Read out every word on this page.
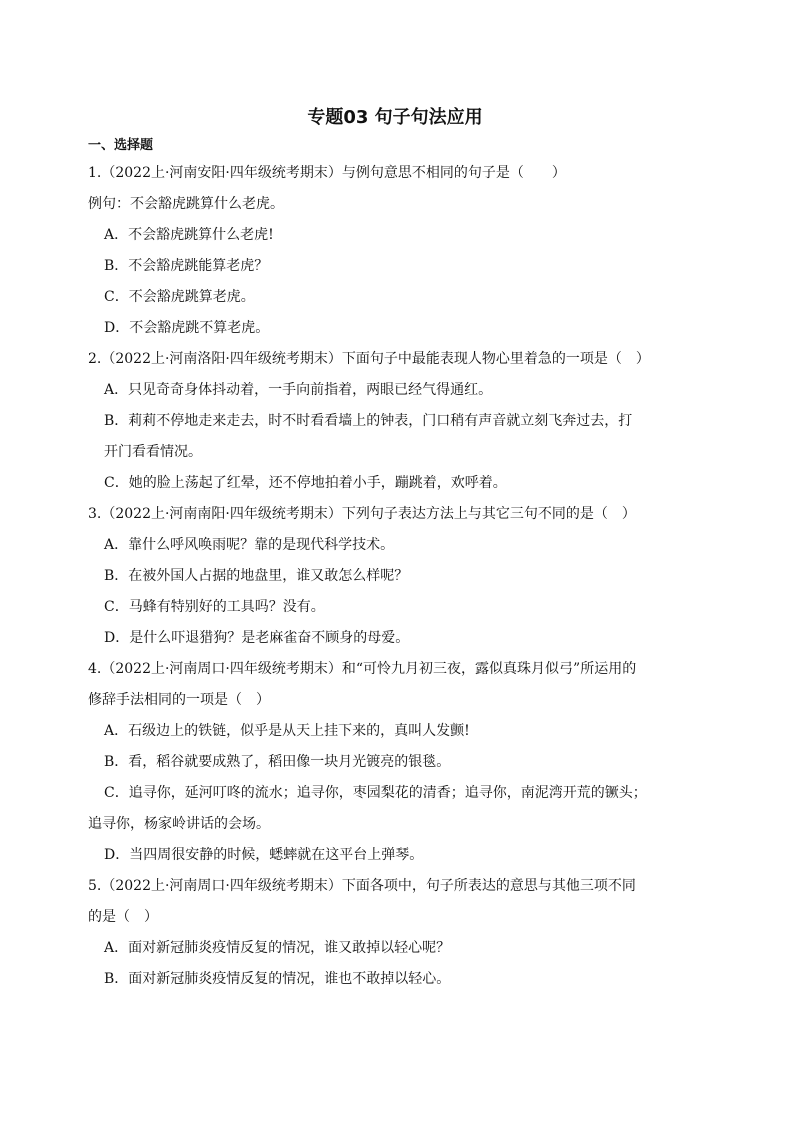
专题03 句子句法应用
一、选择题

1.（2022上·河南安阳·四年级统考期末）与例句意思不相同的句子是（　　）

例句：不会豁虎跳算什么老虎。

A．不会豁虎跳算什么老虎!

B．不会豁虎跳能算老虎？

C．不会豁虎跳算老虎。

D．不会豁虎跳不算老虎。

2.（2022上·河南洛阳·四年级统考期末）下面句子中最能表现人物心里着急的一项是（　）

A．只见奇奇身体抖动着，一手向前指着，两眼已经气得通红。

B．莉莉不停地走来走去，时不时看看墙上的钟表，门口稍有声音就立刻飞奔过去，打

开门看看情况。

C．她的脸上荡起了红晕，还不停地拍着小手，蹦跳着，欢呼着。

3.（2022上·河南南阳·四年级统考期末）下列句子表达方法上与其它三句不同的是（　）

A．靠什么呼风唤雨呢？靠的是现代科学技术。

B．在被外国人占据的地盘里，谁又敢怎么样呢？

C．马蜂有特别好的工具吗？没有。

D．是什么吓退猎狗？是老麻雀奋不顾身的母爱。

4.（2022上·河南周口·四年级统考期末）和“可怜九月初三夜，露似真珠月似弓”所运用的

修辞手法相同的一项是（　）

A．石级边上的铁链，似乎是从天上挂下来的，真叫人发颤!

B．看，稻谷就要成熟了，稻田像一块月光镀亮的银毯。

C．追寻你，延河叮咚的流水；追寻你，枣园梨花的清香；追寻你，南泥湾开荒的镢头；

追寻你，杨家岭讲话的会场。

D．当四周很安静的时候，蟋蟀就在这平台上弹琴。

5.（2022上·河南周口·四年级统考期末）下面各项中，句子所表达的意思与其他三项不同

的是（　）

A．面对新冠肺炎疫情反复的情况，谁又敢掉以轻心呢？

B．面对新冠肺炎疫情反复的情况，谁也不敢掉以轻心。
